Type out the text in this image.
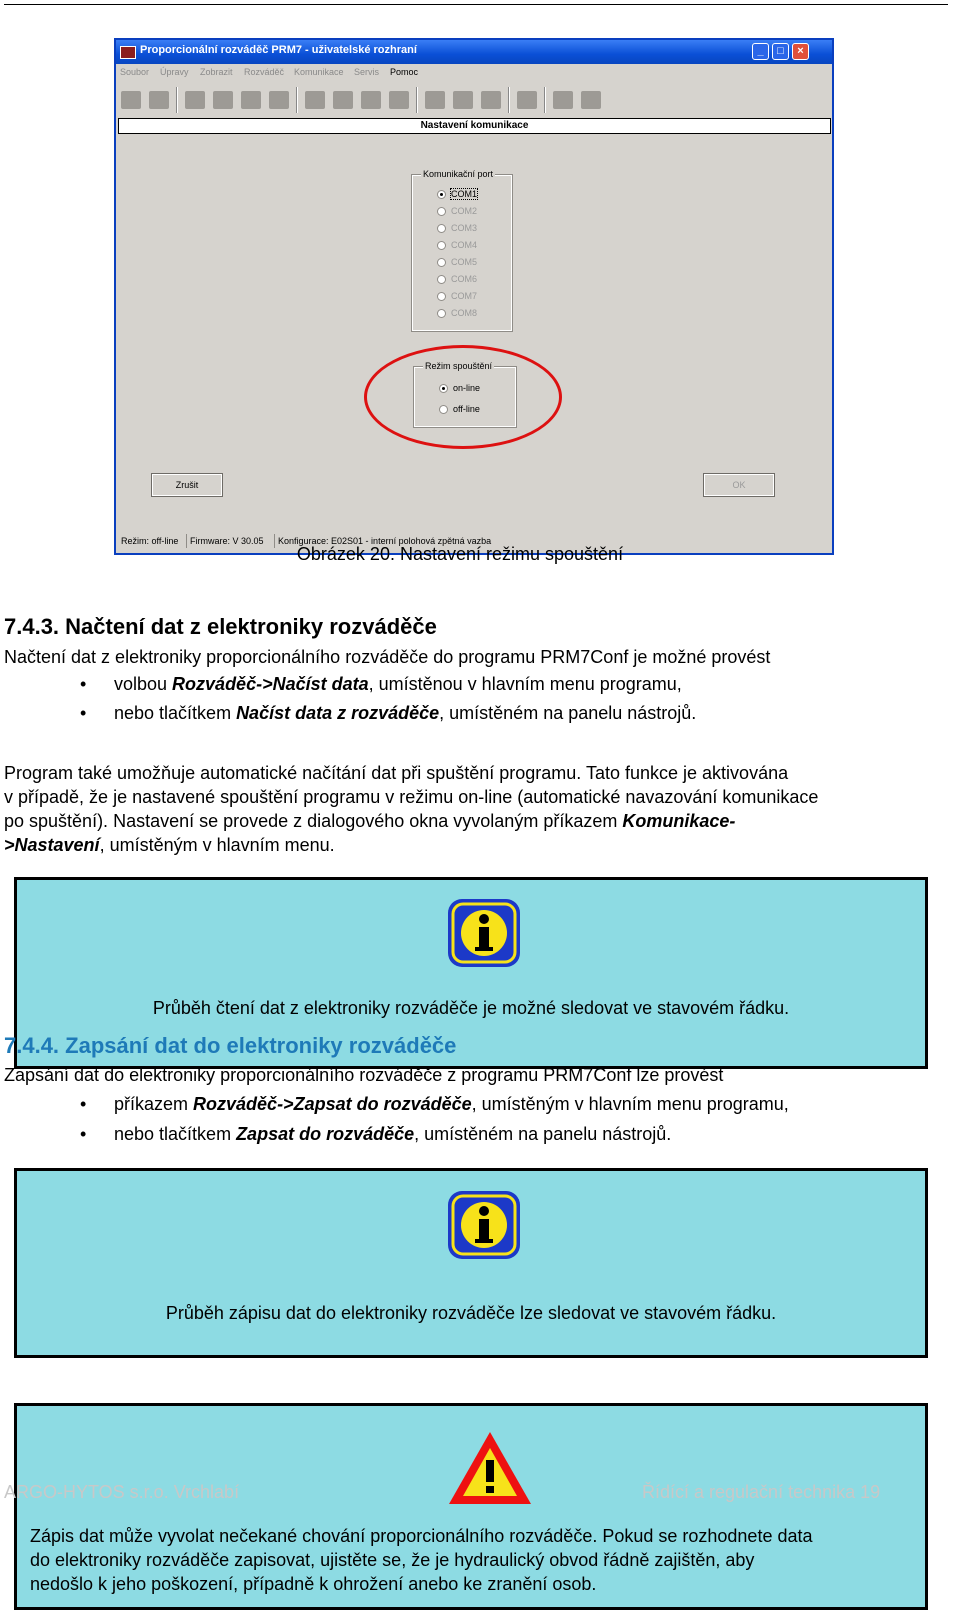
Proporcionální rozváděč PRM7 - uživatelské rozhraní	_	□	×
Soubor Úpravy Zobrazit Rozváděč Komunikace Servis Pomoc
Nastavení komunikace
Komunikační port
COM1
COM2
COM3
COM4
COM5
COM6
COM7
COM8
Režim spouštění
on-line
off-line
Zrušit	OK
Režim: off-line	Firmware: V 30.05	Konfigurace: E02S01 - interní polohová zpětná vazba
Obrázek 20. Nastavení režimu spouštění
7.4.3. Načtení dat z elektroniky rozváděče
Načtení dat z elektroniky proporcionálního rozváděče do programu PRM7Conf je možné provést
• volbou Rozváděč->Načíst data, umístěnou v hlavním menu programu,
• nebo tlačítkem Načíst data z rozváděče, umístěném na panelu nástrojů.
Program také umožňuje automatické načítání dat při spuštění programu. Tato funkce je aktivována
v případě, že je nastavené spouštění programu v režimu on-line (automatické navazování komunikace
po spuštění). Nastavení se provede z dialogového okna vyvolaným příkazem Komunikace-
>Nastavení, umístěným v hlavním menu.
Průběh čtení dat z elektroniky rozváděče je možné sledovat ve stavovém řádku.
7.4.4. Zapsání dat do elektroniky rozváděče
Zapsání dat do elektroniky proporcionálního rozváděče z programu PRM7Conf lze provést
• příkazem Rozváděč->Zapsat do rozváděče, umístěným v hlavním menu programu,
• nebo tlačítkem Zapsat do rozváděče, umístěném na panelu nástrojů.
Průběh zápisu dat do elektroniky rozváděče lze sledovat ve stavovém řádku.
ARGO-HYTOS s.r.o. Vrchlabí	Řídící a regulační technika 19
Zápis dat může vyvolat nečekané chování proporcionálního rozváděče. Pokud se rozhodnete data
do elektroniky rozváděče zapisovat, ujistěte se, že je hydraulický obvod řádně zajištěn, aby
nedošlo k jeho poškození, případně k ohrožení anebo ke zranění osob.
